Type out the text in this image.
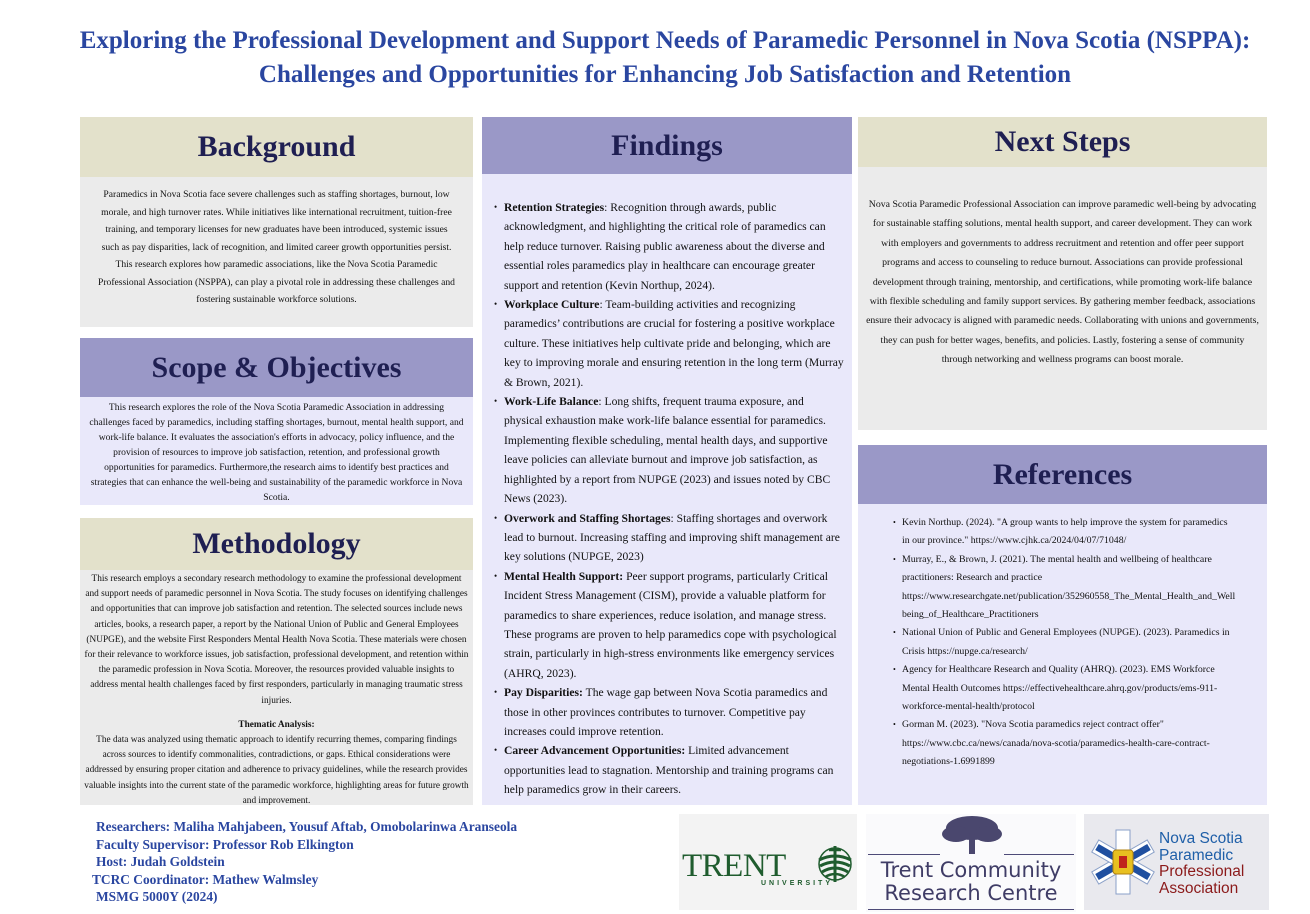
Exploring the Professional Development and Support Needs of Paramedic Personnel in Nova Scotia (NSPPA): Challenges and Opportunities for Enhancing Job Satisfaction and Retention
Background

Paramedics in Nova Scotia face severe challenges such as staffing shortages, burnout, low morale, and high turnover rates. While initiatives like international recruitment, tuition-free training, and temporary licenses for new graduates have been introduced, systemic issues such as pay disparities, lack of recognition, and limited career growth opportunities persist. This research explores how paramedic associations, like the Nova Scotia Paramedic Professional Association (NSPPA), can play a pivotal role in addressing these challenges and fostering sustainable workforce solutions.

Scope & Objectives

This research explores the role of the Nova Scotia Paramedic Association in addressing challenges faced by paramedics, including staffing shortages, burnout, mental health support, and work-life balance. It evaluates the association's efforts in advocacy, policy influence, and the provision of resources to improve job satisfaction, retention, and professional growth opportunities for paramedics. Furthermore,the research aims to identify best practices and strategies that can enhance the well-being and sustainability of the paramedic workforce in Nova Scotia.

Methodology

This research employs a secondary research methodology to examine the professional development and support needs of paramedic personnel in Nova Scotia. The study focuses on identifying challenges and opportunities that can improve job satisfaction and retention. The selected sources include news articles, books, a research paper, a report by the National Union of Public and General Employees (NUPGE), and the website First Responders Mental Health Nova Scotia. These materials were chosen for their relevance to workforce issues, job satisfaction, professional development, and retention within the paramedic profession in Nova Scotia. Moreover, the resources provided valuable insights to address mental health challenges faced by first responders, particularly in managing traumatic stress injuries.

Thematic Analysis:

The data was analyzed using thematic approach to identify recurring themes, comparing findings across sources to identify commonalities, contradictions, or gaps. Ethical considerations were addressed by ensuring proper citation and adherence to privacy guidelines, while the research provides valuable insights into the current state of the paramedic workforce, highlighting areas for future growth and improvement.

Findings
• Retention Strategies: Recognition through awards, public acknowledgment, and highlighting the critical role of paramedics can help reduce turnover. Raising public awareness about the diverse and essential roles paramedics play in healthcare can encourage greater support and retention (Kevin Northup, 2024).
• Workplace Culture: Team-building activities and recognizing paramedics’ contributions are crucial for fostering a positive workplace culture. These initiatives help cultivate pride and belonging, which are key to improving morale and ensuring retention in the long term (Murray & Brown, 2021).
• Work-Life Balance: Long shifts, frequent trauma exposure, and physical exhaustion make work-life balance essential for paramedics. Implementing flexible scheduling, mental health days, and supportive leave policies can alleviate burnout and improve job satisfaction, as highlighted by a report from NUPGE (2023) and issues noted by CBC News (2023).
• Overwork and Staffing Shortages: Staffing shortages and overwork lead to burnout. Increasing staffing and improving shift management are key solutions (NUPGE, 2023)
• Mental Health Support: Peer support programs, particularly Critical Incident Stress Management (CISM), provide a valuable platform for paramedics to share experiences, reduce isolation, and manage stress. These programs are proven to help paramedics cope with psychological strain, particularly in high-stress environments like emergency services (AHRQ, 2023).
• Pay Disparities: The wage gap between Nova Scotia paramedics and those in other provinces contributes to turnover. Competitive pay increases could improve retention.
• Career Advancement Opportunities: Limited advancement opportunities lead to stagnation. Mentorship and training programs can help paramedics grow in their careers.
Next Steps

Nova Scotia Paramedic Professional Association can improve paramedic well-being by advocating for sustainable staffing solutions, mental health support, and career development. They can work with employers and governments to address recruitment and retention and offer peer support programs and access to counseling to reduce burnout. Associations can provide professional development through training, mentorship, and certifications, while promoting work-life balance with flexible scheduling and family support services. By gathering member feedback, associations ensure their advocacy is aligned with paramedic needs. Collaborating with unions and governments, they can push for better wages, benefits, and policies. Lastly, fostering a sense of community through networking and wellness programs can boost morale.

References
• Kevin Northup. (2024). "A group wants to help improve the system for paramedics in our province." https://www.cjhk.ca/2024/04/07/71048/
• Murray, E., & Brown, J. (2021). The mental health and wellbeing of healthcare practitioners: Research and practice https://www.researchgate.net/publication/352960558_The_Mental_Health_and_Wellbeing_of_Healthcare_Practitioners
• National Union of Public and General Employees (NUPGE). (2023). Paramedics in Crisis https://nupge.ca/research/
• Agency for Healthcare Research and Quality (AHRQ). (2023). EMS Workforce Mental Health Outcomes https://effectivehealthcare.ahrq.gov/products/ems-911-workforce-mental-health/protocol
• Gorman M. (2023). "Nova Scotia paramedics reject contract offer" https://www.cbc.ca/news/canada/nova-scotia/paramedics-health-care-contract-negotiations-1.6991899
Researchers: Maliha Mahjabeen, Yousuf Aftab, Omobolarinwa Aranseola
Faculty Supervisor: Professor Rob Elkington
Host: Judah Goldstein
TCRC Coordinator: Mathew Walmsley
MSMG 5000Y (2024)
TRENT
UNIVERSITY
Trent Community
Research Centre
Nova Scotia
Paramedic
Professional
Association
